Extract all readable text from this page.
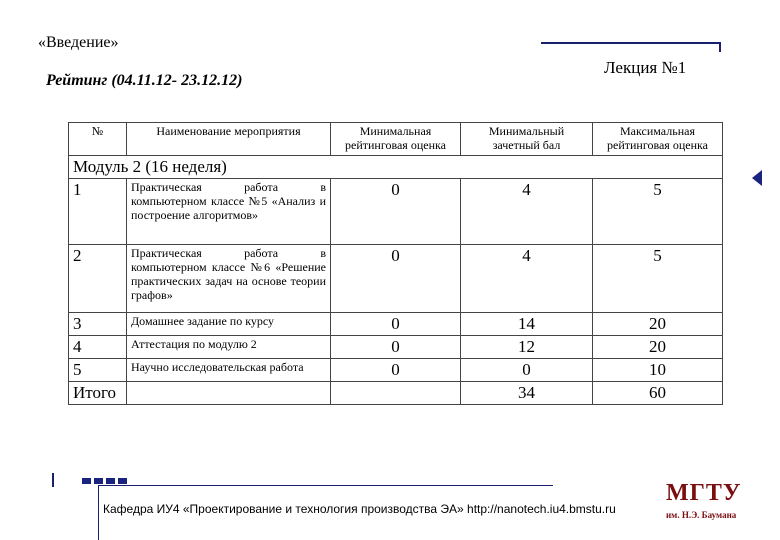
«Введение»
Рейтинг (04.11.12- 23.12.12)
Лекция №1
№	Наименование мероприятия	Минимальная рейтинговая оценка	Минимальный зачетный бал	Максимальная рейтинговая оценка
Модуль 2 (16 неделя)				
1	Практическая работа в компьютерном классе №5 «Анализ и построение алгоритмов»	0	4	5
2	Практическая работа в компьютерном классе №6 «Решение практических задач на основе теории графов»	0	4	5
3	Домашнее задание по курсу	0	14	20
4	Аттестация по модулю 2	0	12	20
5	Научно исследовательская работа	0	0	10
Итого			34	60
Кафедра ИУ4 «Проектирование и технология производства ЭА» http://nanotech.iu4.bmstu.ru
МГТУ
им. Н.Э. Баумана
